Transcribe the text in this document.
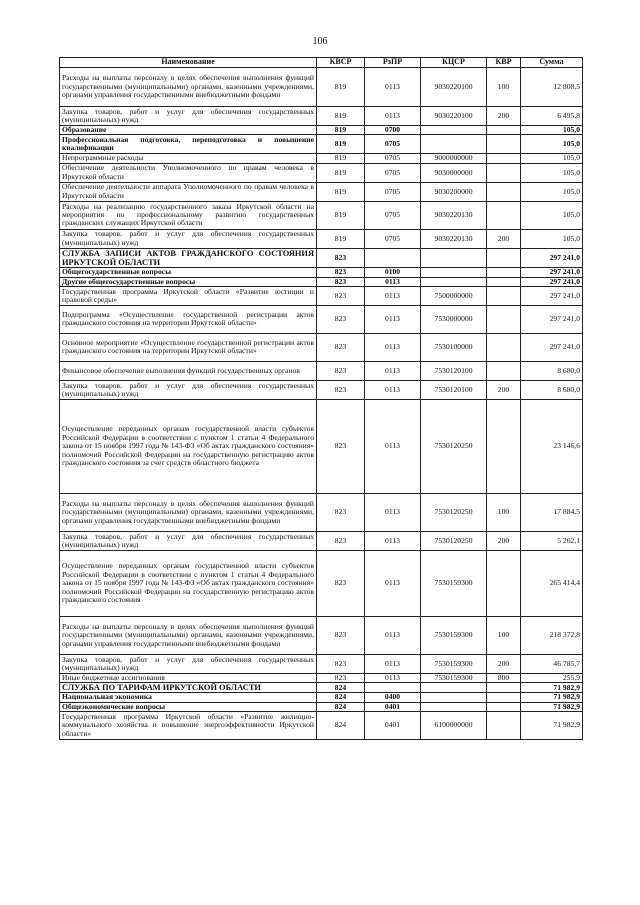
106
Наименование	КВСР	РзПР	КЦСР	КВР	Сумма
Расходы на выплаты персоналу в целях обеспечения выполнения функций государственными (муниципальными) органами, казенными учреждениями, органами управления государственными внебюджетными фондами	819	0113	9030220100	100	12 808,5
Закупка товаров, работ и услуг для обеспечения государственных (муниципальных) нужд	819	0113	9030220100	200	6 495,8
Образование	819	0700			105,0
Профессиональная подготовка, переподготовка и повышение квалификации	819	0705			105,0
Непрограммные расходы	819	0705	9000000000		105,0
Обеспечение деятельности Уполномоченного по правам человека в Иркутской области	819	0705	9030000000		105,0
Обеспечение деятельности аппарата Уполномоченного по правам человека в Иркутской области	819	0705	9030200000		105,0
Расходы на реализацию государственного заказа Иркутской области на мероприятия по профессиональному развитию государственных гражданских служащих Иркутской области	819	0705	9030220130		105,0
Закупка товаров, работ и услуг для обеспечения государственных (муниципальных) нужд	819	0705	9030220130	200	105,0
СЛУЖБА ЗАПИСИ АКТОВ ГРАЖДАНСКОГО СОСТОЯНИЯ ИРКУТСКОЙ ОБЛАСТИ	823				297 241,0
Общегосударственные вопросы	823	0100			297 241,0
Другие общегосударственные вопросы	823	0113			297 241,0
Государственная программа Иркутской области «Развитие юстиции и правовой среды»	823	0113	7500000000		297 241,0
Подпрограмма «Осуществление государственной регистрации актов гражданского состояния на территории Иркутской области»	823	0113	7530000000		297 241,0
Основное мероприятие «Осуществление государственной регистрации актов гражданского состояния на территории Иркутской области»	823	0113	7530100000		297 241,0
Финансовое обеспечение выполнения функций государственных органов	823	0113	7530120100		8 680,0
Закупка товаров, работ и услуг для обеспечения государственных (муниципальных) нужд	823	0113	7530120100	200	8 680,0
Осуществление переданных органам государственной власти субъектов Российской Федерации в соответствии с пунктом 1 статьи 4 Федерального закона от 15 ноября 1997 года № 143-ФЗ «Об актах гражданского состояния» полномочий Российской Федерации на государственную регистрацию актов гражданского состояния за счет средств областного бюджета	823	0113	7530120250		23 146,6
Расходы на выплаты персоналу в целях обеспечения выполнения функций государственными (муниципальными) органами, казенными учреждениями, органами управления государственными внебюджетными фондами	823	0113	7530120250	100	17 884,5
Закупка товаров, работ и услуг для обеспечения государственных (муниципальных) нужд	823	0113	7530120250	200	5 262,1
Осуществление переданных органам государственной власти субъектов Российской Федерации в соответствии с пунктом 1 статьи 4 Федерального закона от 15 ноября 1997 года № 143-ФЗ «Об актах гражданского состояния» полномочий Российской Федерации на государственную регистрацию актов гражданского состояния	823	0113	7530159300		265 414,4
Расходы на выплаты персоналу в целях обеспечения выполнения функций государственными (муниципальными) органами, казенными учреждениями, органами управления государственными внебюджетными фондами	823	0113	7530159300	100	218 372,8
Закупка товаров, работ и услуг для обеспечения государственных (муниципальных) нужд	823	0113	7530159300	200	46 785,7
Иные бюджетные ассигнования	823	0113	7530159300	800	255,9
СЛУЖБА ПО ТАРИФАМ ИРКУТСКОЙ ОБЛАСТИ	824				71 982,9
Национальная экономика	824	0400			71 982,9
Общеэкономические вопросы	824	0401			71 982,9
Государственная программа Иркутской области «Развитие жилищно-коммунального хозяйства и повышение энергоэффективности Иркутской области»	824	0401	6100000000		71 982,9
